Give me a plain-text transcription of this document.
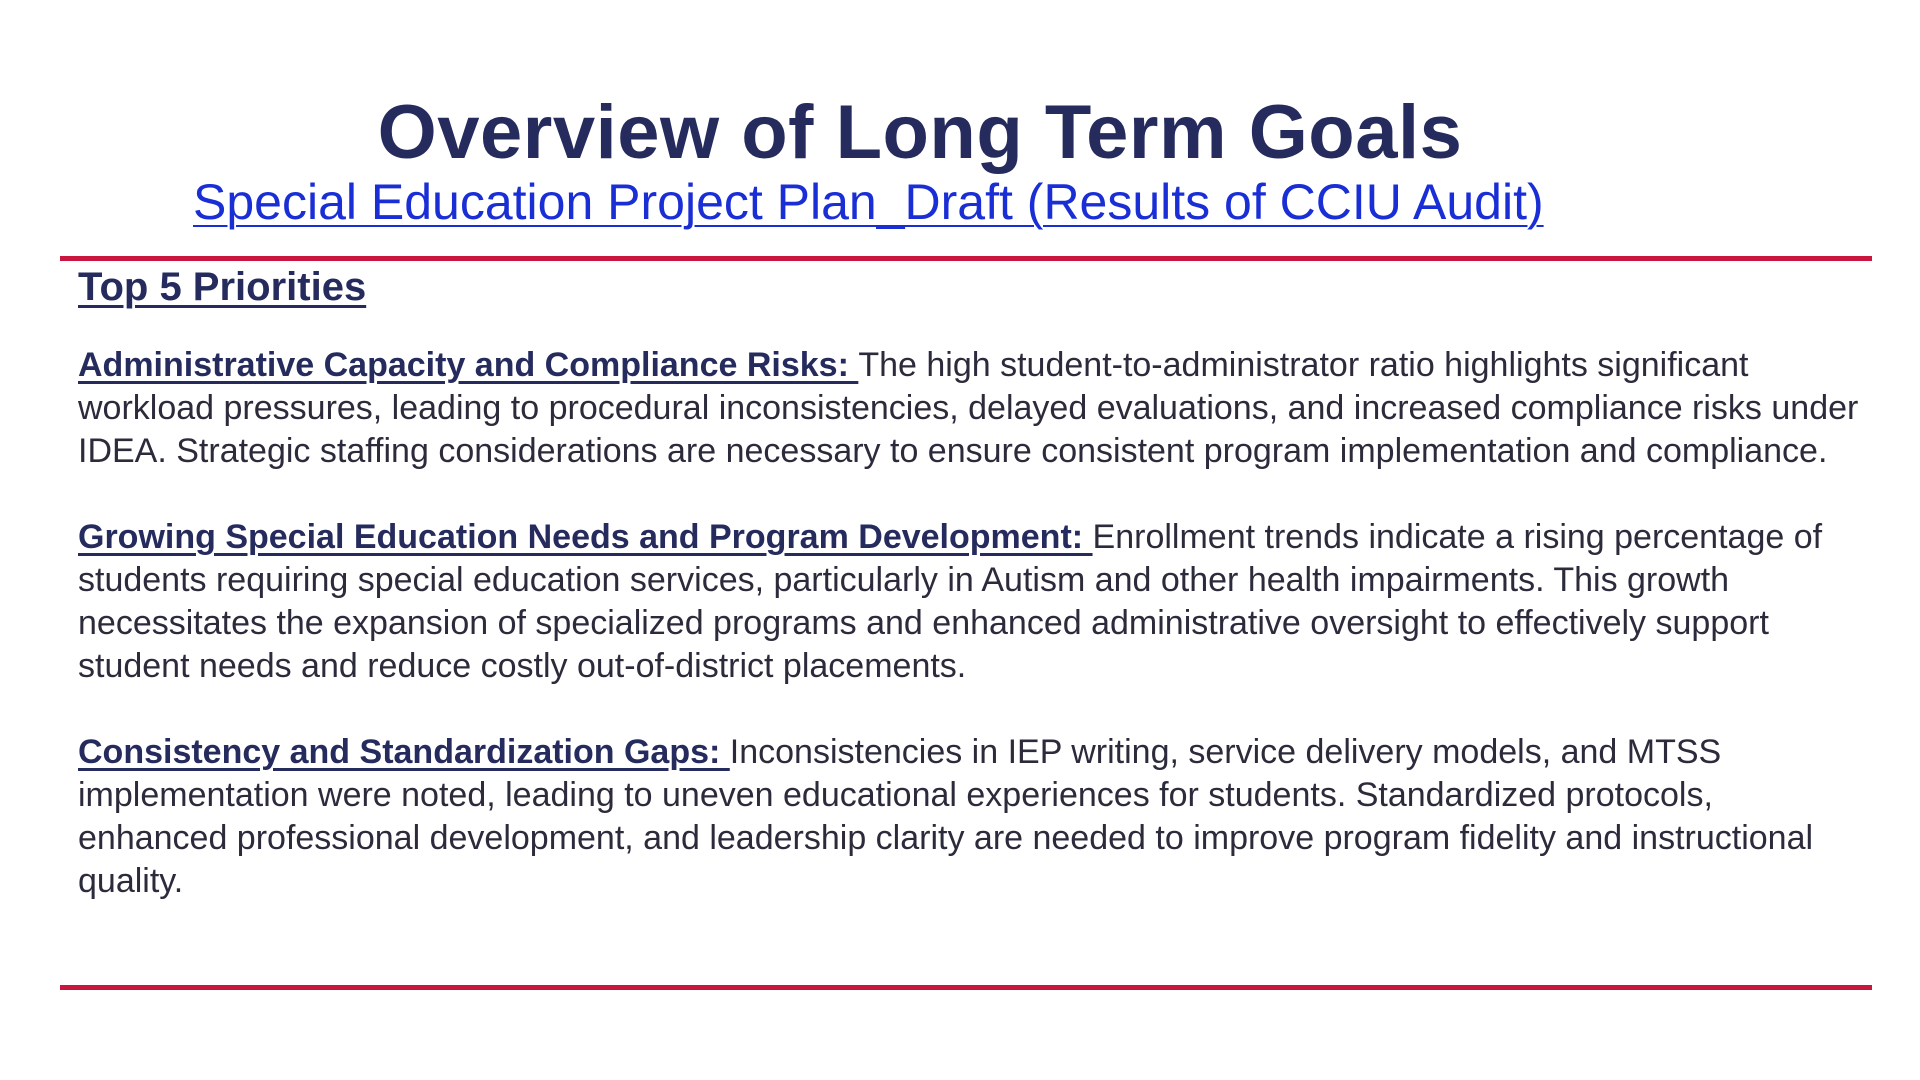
Overview of Long Term Goals
Special Education Project Plan_Draft (Results of CCIU Audit)

Top 5 Priorities

Administrative Capacity and Compliance Risks: The high student-to-administrator ratio highlights significant workload pressures, leading to procedural inconsistencies, delayed evaluations, and increased compliance risks under IDEA. Strategic staffing considerations are necessary to ensure consistent program implementation and compliance.

Growing Special Education Needs and Program Development: Enrollment trends indicate a rising percentage of students requiring special education services, particularly in Autism and other health impairments. This growth necessitates the expansion of specialized programs and enhanced administrative oversight to effectively support student needs and reduce costly out-of-district placements.

Consistency and Standardization Gaps: Inconsistencies in IEP writing, service delivery models, and MTSS implementation were noted, leading to uneven educational experiences for students. Standardized protocols, enhanced professional development, and leadership clarity are needed to improve program fidelity and instructional quality.
